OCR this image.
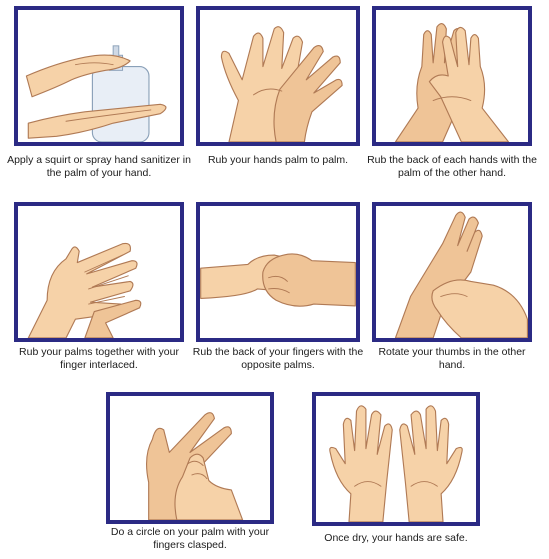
Apply a squirt or spray hand sanitizer in the palm of your hand.
Rub your hands palm to palm.	Rub the back of each hands with the palm of the other hand.
Rub your palms together with your finger interlaced.
Rub the back of your fingers with the opposite palms.
Rotate your thumbs in the other hand.
Do a circle on your palm with your fingers clasped.
Once dry, your hands are safe.
